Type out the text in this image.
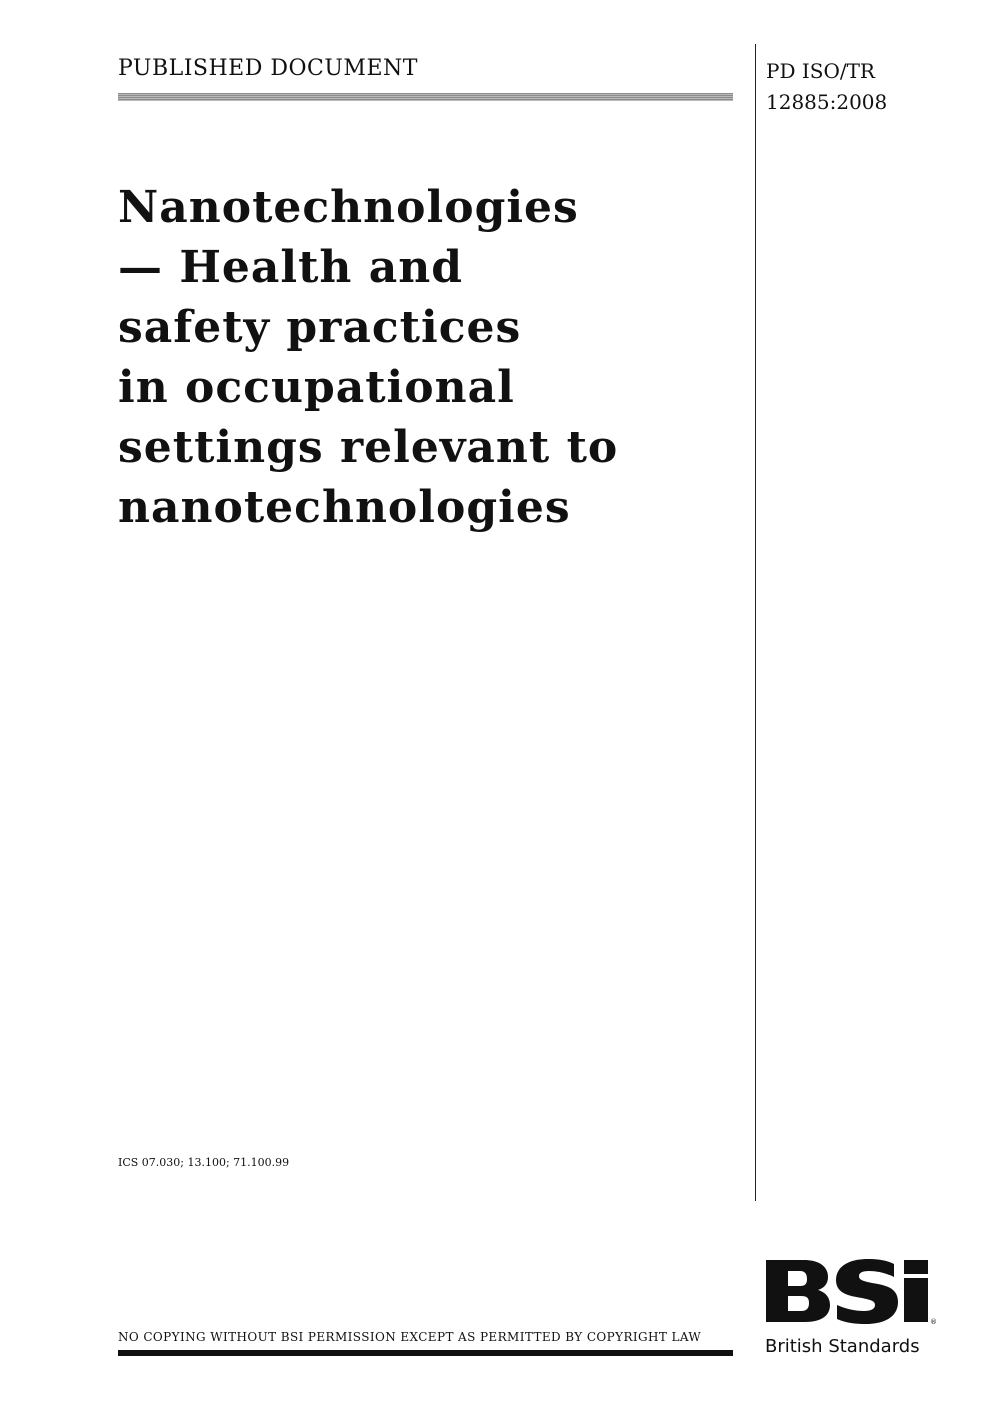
PUBLISHED DOCUMENT	PD ISO/TR
12885:2008
Nanotechnologies
— Health and
safety practices
in occupational
settings relevant to
nanotechnologies
ICS 07.030; 13.100; 71.100.99
NO COPYING WITHOUT BSI PERMISSION EXCEPT AS PERMITTED BY COPYRIGHT LAW
®
British Standards
